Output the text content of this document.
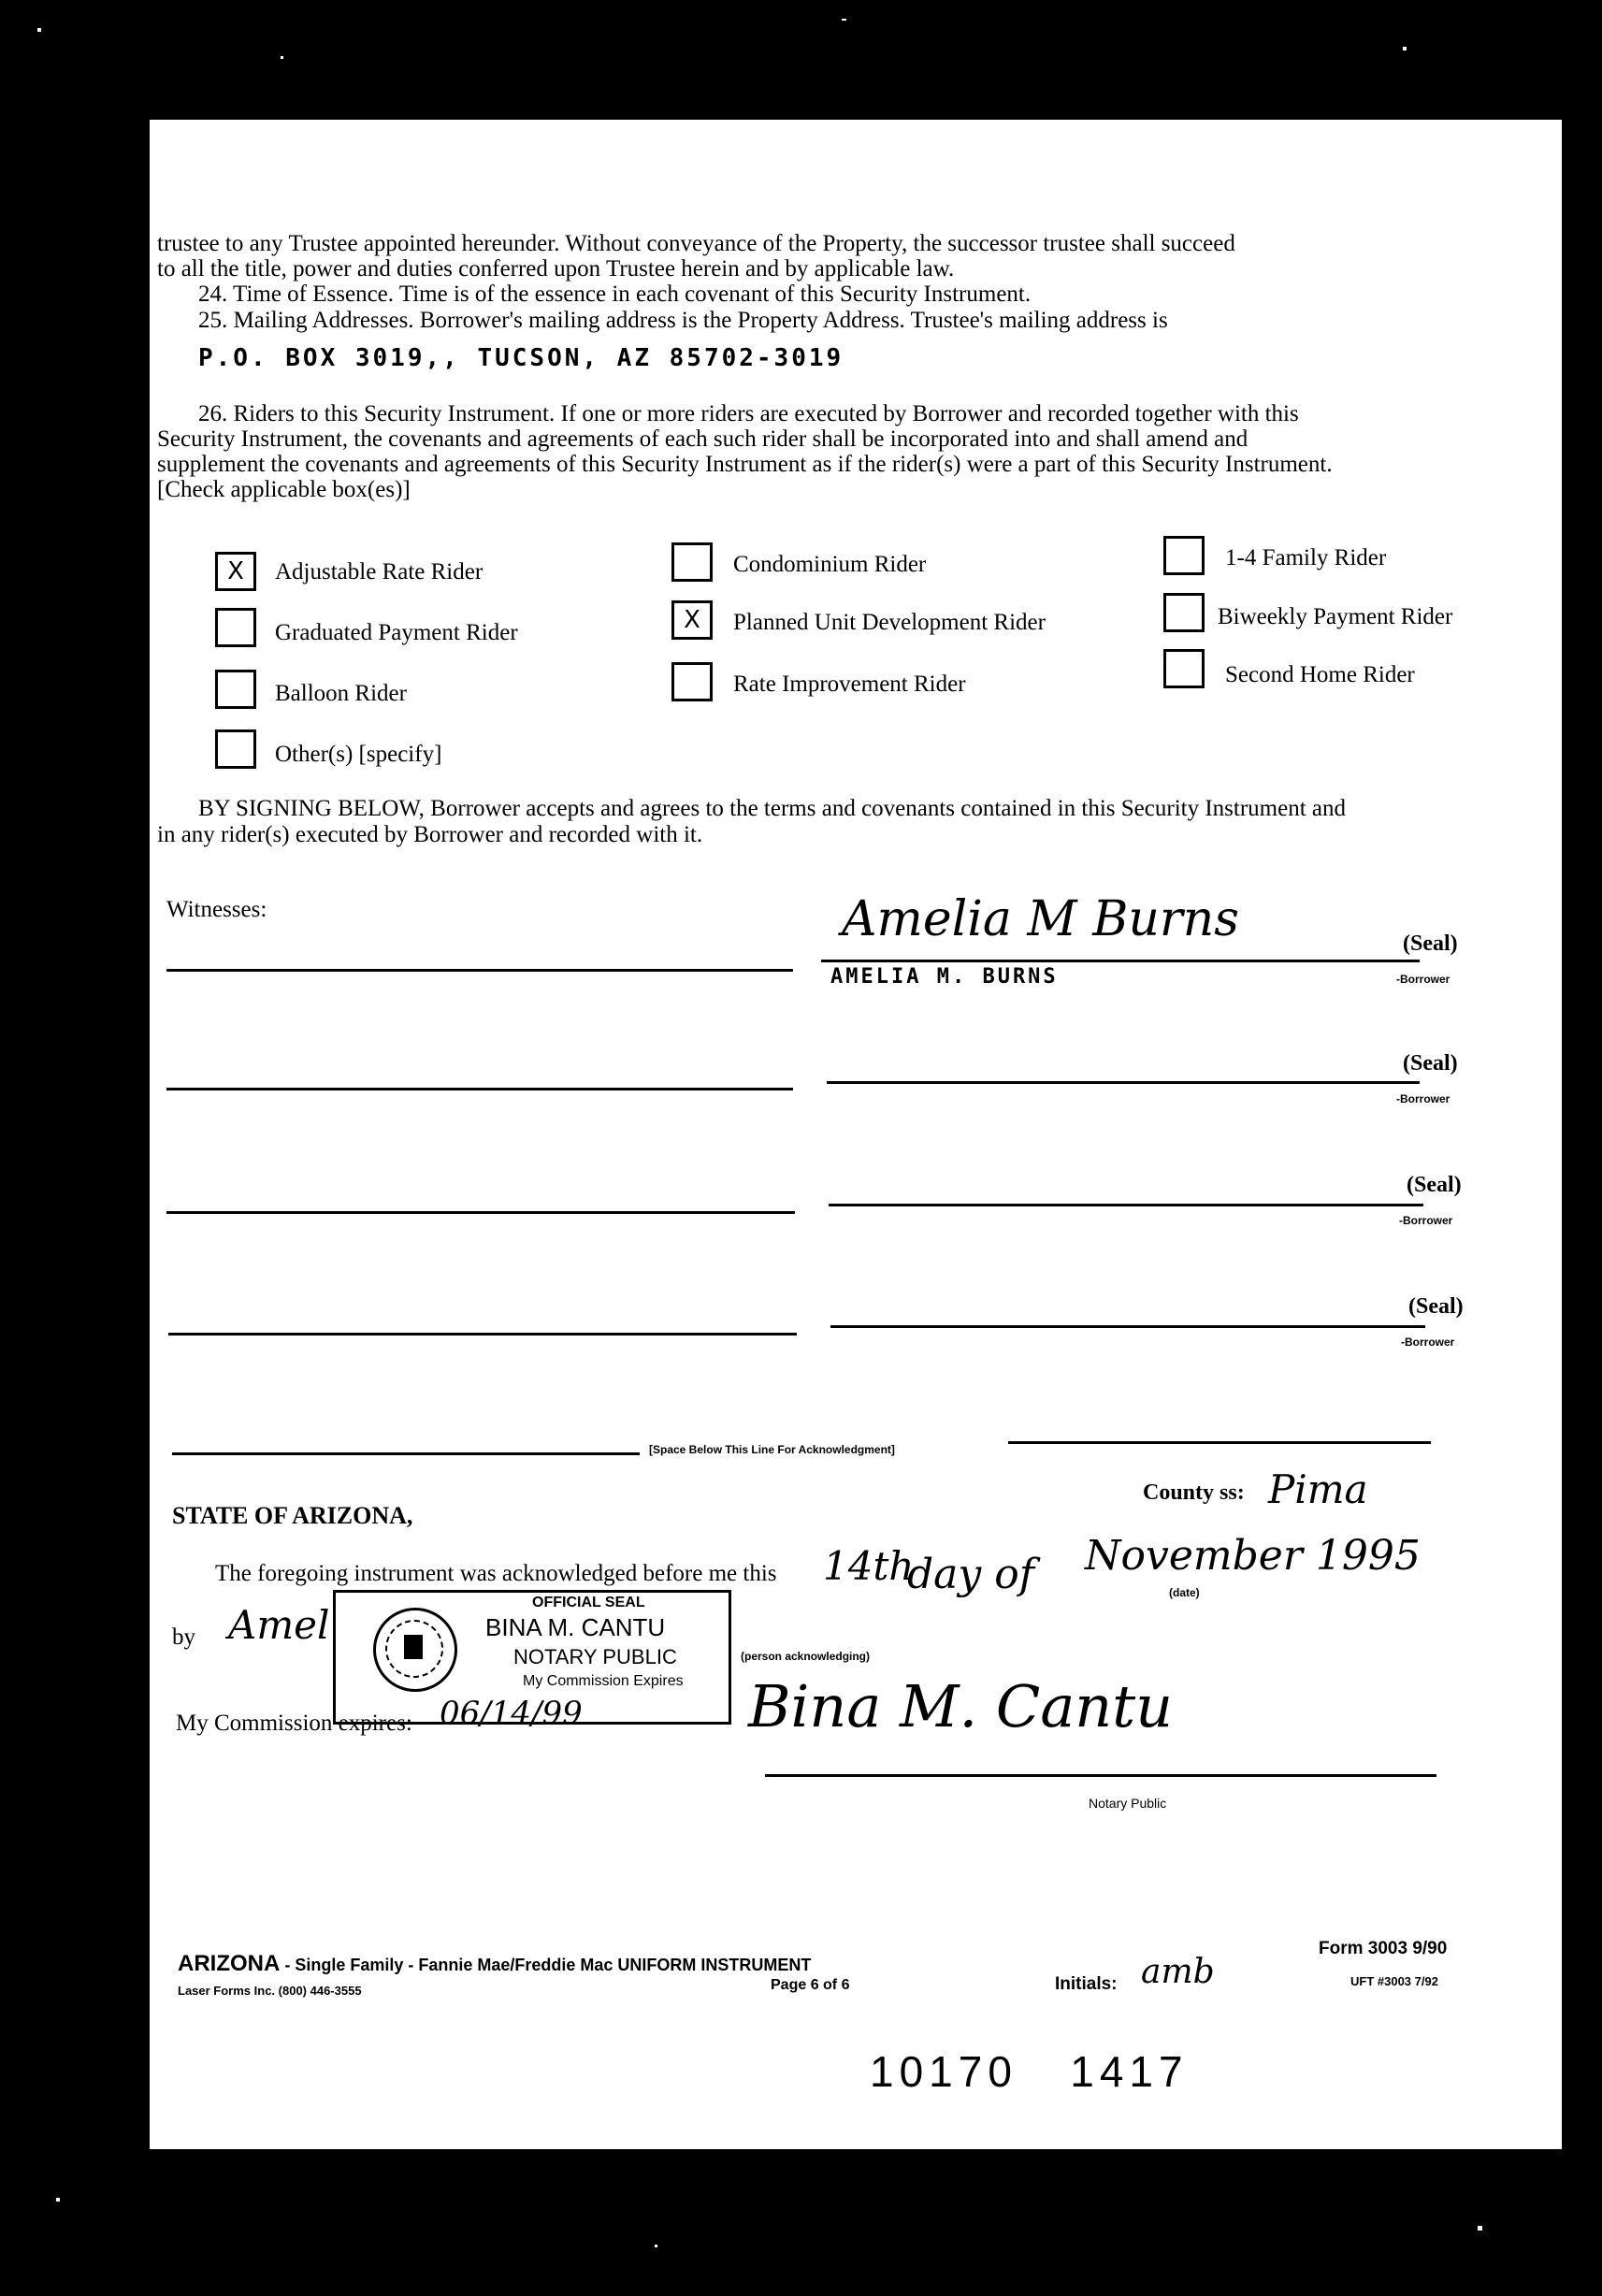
trustee to any Trustee appointed hereunder. Without conveyance of the Property, the successor trustee shall succeed
to all the title, power and duties conferred upon Trustee herein and by applicable law.
24. Time of Essence. Time is of the essence in each covenant of this Security Instrument.
25. Mailing Addresses. Borrower's mailing address is the Property Address. Trustee's mailing address is
P.O. BOX 3019,, TUCSON, AZ 85702-3019
26. Riders to this Security Instrument. If one or more riders are executed by Borrower and recorded together with this
Security Instrument, the covenants and agreements of each such rider shall be incorporated into and shall amend and
supplement the covenants and agreements of this Security Instrument as if the rider(s) were a part of this Security Instrument.
[Check applicable box(es)]
X	Adjustable Rate Rider	Condominium Rider	1-4 Family Rider
Graduated Payment Rider	X	Planned Unit Development Rider	Biweekly Payment Rider
Balloon Rider	Rate Improvement Rider	Second Home Rider
Other(s) [specify]
BY SIGNING BELOW, Borrower accepts and agrees to the terms and covenants contained in this Security Instrument and
in any rider(s) executed by Borrower and recorded with it.
Witnesses:	Amelia M Burns
AMELIA M. BURNS
(Seal)
-Borrower
(Seal)
-Borrower
(Seal)
-Borrower
(Seal)
-Borrower
[Space Below This Line For Acknowledgment]
STATE OF ARIZONA,
County ss: Pima
The foregoing instrument was acknowledged before me this 14th
day of November 1995
(date)
by Amel
(person acknowledging)
OFFICIAL SEAL
BINA M. CANTU
NOTARY PUBLIC
My Commission Expires
My Commission expires: 06/14/99	Bina M. Cantu
Notary Public
ARIZONA - Single Family - Fannie Mae/Freddie Mac UNIFORM INSTRUMENT
Laser Forms Inc. (800) 446-3555	Page 6 of 6	Initials: amb
Form 3003 9/90
UFT #3003 7/92
10170   1417
